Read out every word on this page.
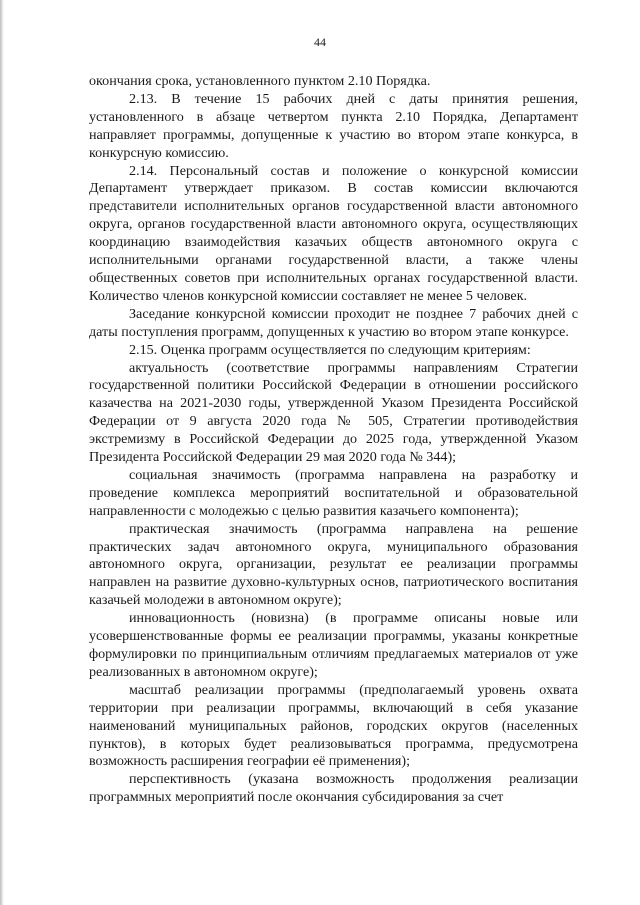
44

окончания срока, установленного пунктом 2.10 Порядка.

2.13. В течение 15 рабочих дней с даты принятия решения, установленного в абзаце четвертом пункта 2.10 Порядка, Департамент направляет программы, допущенные к участию во втором этапе конкурса, в конкурсную комиссию.

2.14. Персональный состав и положение о конкурсной комиссии Департамент утверждает приказом. В состав комиссии включаются представители исполнительных органов государственной власти автономного округа, органов государственной власти автономного округа, осуществляющих координацию взаимодействия казачьих обществ автономного округа с исполнительными органами государственной власти, а также члены общественных советов при исполнительных органах государственной власти. Количество членов конкурсной комиссии составляет не менее 5 человек.

Заседание конкурсной комиссии проходит не позднее 7 рабочих дней с даты поступления программ, допущенных к участию во втором этапе конкурсе.

2.15. Оценка программ осуществляется по следующим критериям:

актуальность (соответствие программы направлениям Стратегии государственной политики Российской Федерации в отношении российского казачества на 2021-2030 годы, утвержденной Указом Президента Российской Федерации от 9 августа 2020 года № 505, Стратегии противодействия экстремизму в Российской Федерации до 2025 года, утвержденной Указом Президента Российской Федерации 29 мая 2020 года № 344);

социальная значимость (программа направлена на разработку и проведение комплекса мероприятий воспитательной и образовательной направленности с молодежью с целью развития казачьего компонента);

практическая значимость (программа направлена на решение практических задач автономного округа, муниципального образования автономного округа, организации, результат ее реализации программы направлен на развитие духовно-культурных основ, патриотического воспитания казачьей молодежи в автономном округе);

инновационность (новизна) (в программе описаны новые или усовершенствованные формы ее реализации программы, указаны конкретные формулировки по принципиальным отличиям предлагаемых материалов от уже реализованных в автономном округе);

масштаб реализации программы (предполагаемый уровень охвата территории при реализации программы, включающий в себя указание наименований муниципальных районов, городских округов (населенных пунктов), в которых будет реализовываться программа, предусмотрена возможность расширения географии её применения);

перспективность (указана возможность продолжения реализации программных мероприятий после окончания субсидирования за счет
